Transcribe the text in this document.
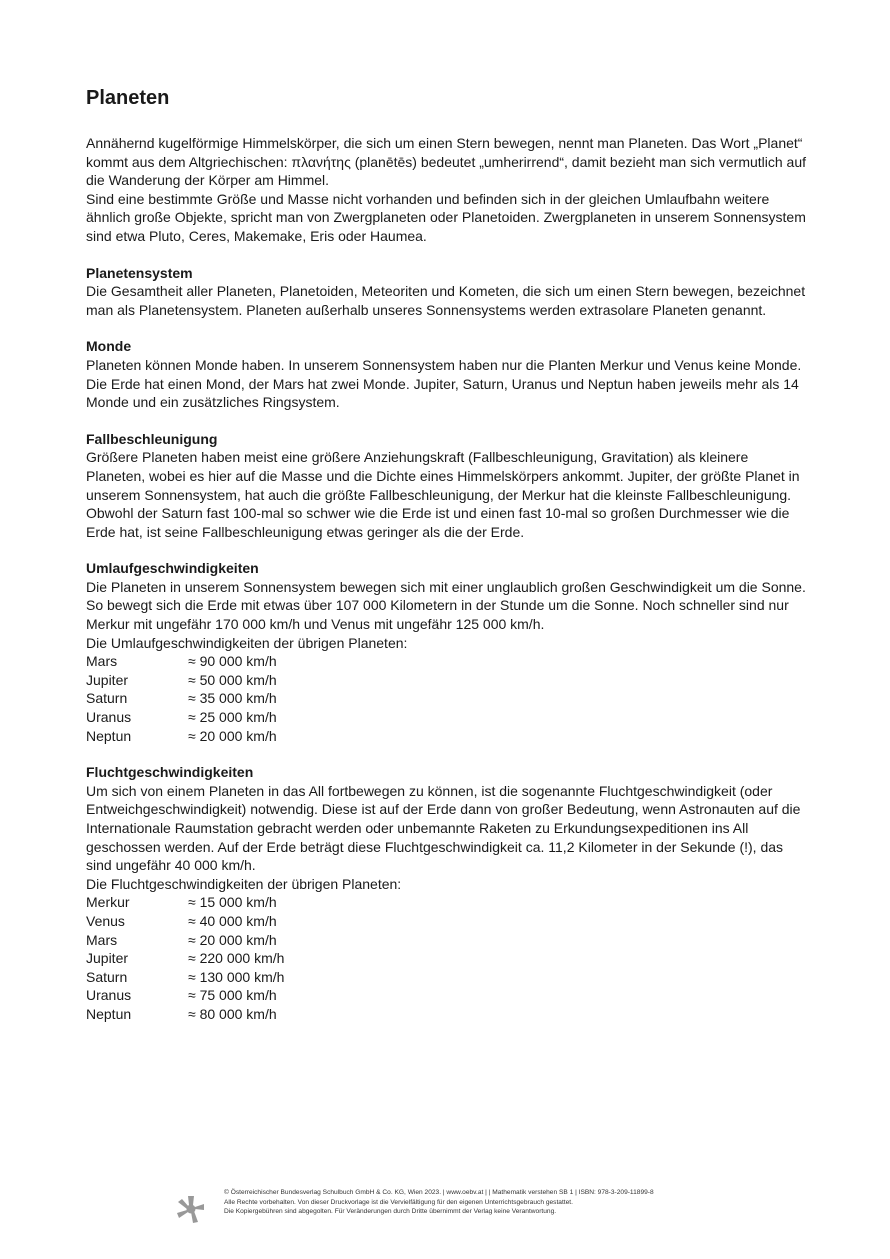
Planeten

Annähernd kugelförmige Himmelskörper, die sich um einen Stern bewegen, nennt man Planeten. Das Wort „Planet“ kommt aus dem Altgriechischen: πλανήτης (planētēs) bedeutet „umherirrend“, damit bezieht man sich vermutlich auf die Wanderung der Körper am Himmel.

Sind eine bestimmte Größe und Masse nicht vorhanden und befinden sich in der gleichen Umlaufbahn weitere ähnlich große Objekte, spricht man von Zwergplaneten oder Planetoiden. Zwergplaneten in unserem Sonnensystem sind etwa Pluto, Ceres, Makemake, Eris oder Haumea.

Planetensystem

Die Gesamtheit aller Planeten, Planetoiden, Meteoriten und Kometen, die sich um einen Stern bewegen, bezeichnet man als Planetensystem. Planeten außerhalb unseres Sonnensystems werden extrasolare Planeten genannt.

Monde

Planeten können Monde haben. In unserem Sonnensystem haben nur die Planten Merkur und Venus keine Monde. Die Erde hat einen Mond, der Mars hat zwei Monde. Jupiter, Saturn, Uranus und Neptun haben jeweils mehr als 14 Monde und ein zusätzliches Ringsystem.

Fallbeschleunigung

Größere Planeten haben meist eine größere Anziehungskraft (Fallbeschleunigung, Gravitation) als kleinere Planeten, wobei es hier auf die Masse und die Dichte eines Himmelskörpers ankommt. Jupiter, der größte Planet in unserem Sonnensystem, hat auch die größte Fallbeschleunigung, der Merkur hat die kleinste Fallbeschleunigung. Obwohl der Saturn fast 100-mal so schwer wie die Erde ist und einen fast 10-mal so großen Durchmesser wie die Erde hat, ist seine Fallbeschleunigung etwas geringer als die der Erde.

Umlaufgeschwindigkeiten

Die Planeten in unserem Sonnensystem bewegen sich mit einer unglaublich großen Geschwindigkeit um die Sonne. So bewegt sich die Erde mit etwas über 107 000 Kilometern in der Stunde um die Sonne. Noch schneller sind nur Merkur mit ungefähr 170 000 km/h und Venus mit ungefähr 125 000 km/h.

Die Umlaufgeschwindigkeiten der übrigen Planeten:

Mars	≈ 90 000 km/h
Jupiter	≈ 50 000 km/h
Saturn	≈ 35 000 km/h
Uranus	≈ 25 000 km/h
Neptun	≈ 20 000 km/h

Fluchtgeschwindigkeiten

Um sich von einem Planeten in das All fortbewegen zu können, ist die sogenannte Fluchtgeschwindigkeit (oder Entweichgeschwindigkeit) notwendig. Diese ist auf der Erde dann von großer Bedeutung, wenn Astronauten auf die Internationale Raumstation gebracht werden oder unbemannte Raketen zu Erkundungsexpeditionen ins All geschossen werden. Auf der Erde beträgt diese Fluchtgeschwindigkeit ca. 11,2 Kilometer in der Sekunde (!), das sind ungefähr 40 000 km/h.

Die Fluchtgeschwindigkeiten der übrigen Planeten:

Merkur	≈ 15 000 km/h
Venus	≈ 40 000 km/h
Mars	≈ 20 000 km/h
Jupiter	≈ 220 000 km/h
Saturn	≈ 130 000 km/h
Uranus	≈ 75 000 km/h
Neptun	≈ 80 000 km/h
© Österreichischer Bundesverlag Schulbuch GmbH & Co. KG, Wien 2023. | www.oebv.at | | Mathematik verstehen SB 1 | ISBN: 978-3-209-11899-8
Alle Rechte vorbehalten. Von dieser Druckvorlage ist die Vervielfältigung für den eigenen Unterrichtsgebrauch gestattet.
Die Kopiergebühren sind abgegolten. Für Veränderungen durch Dritte übernimmt der Verlag keine Verantwortung.
